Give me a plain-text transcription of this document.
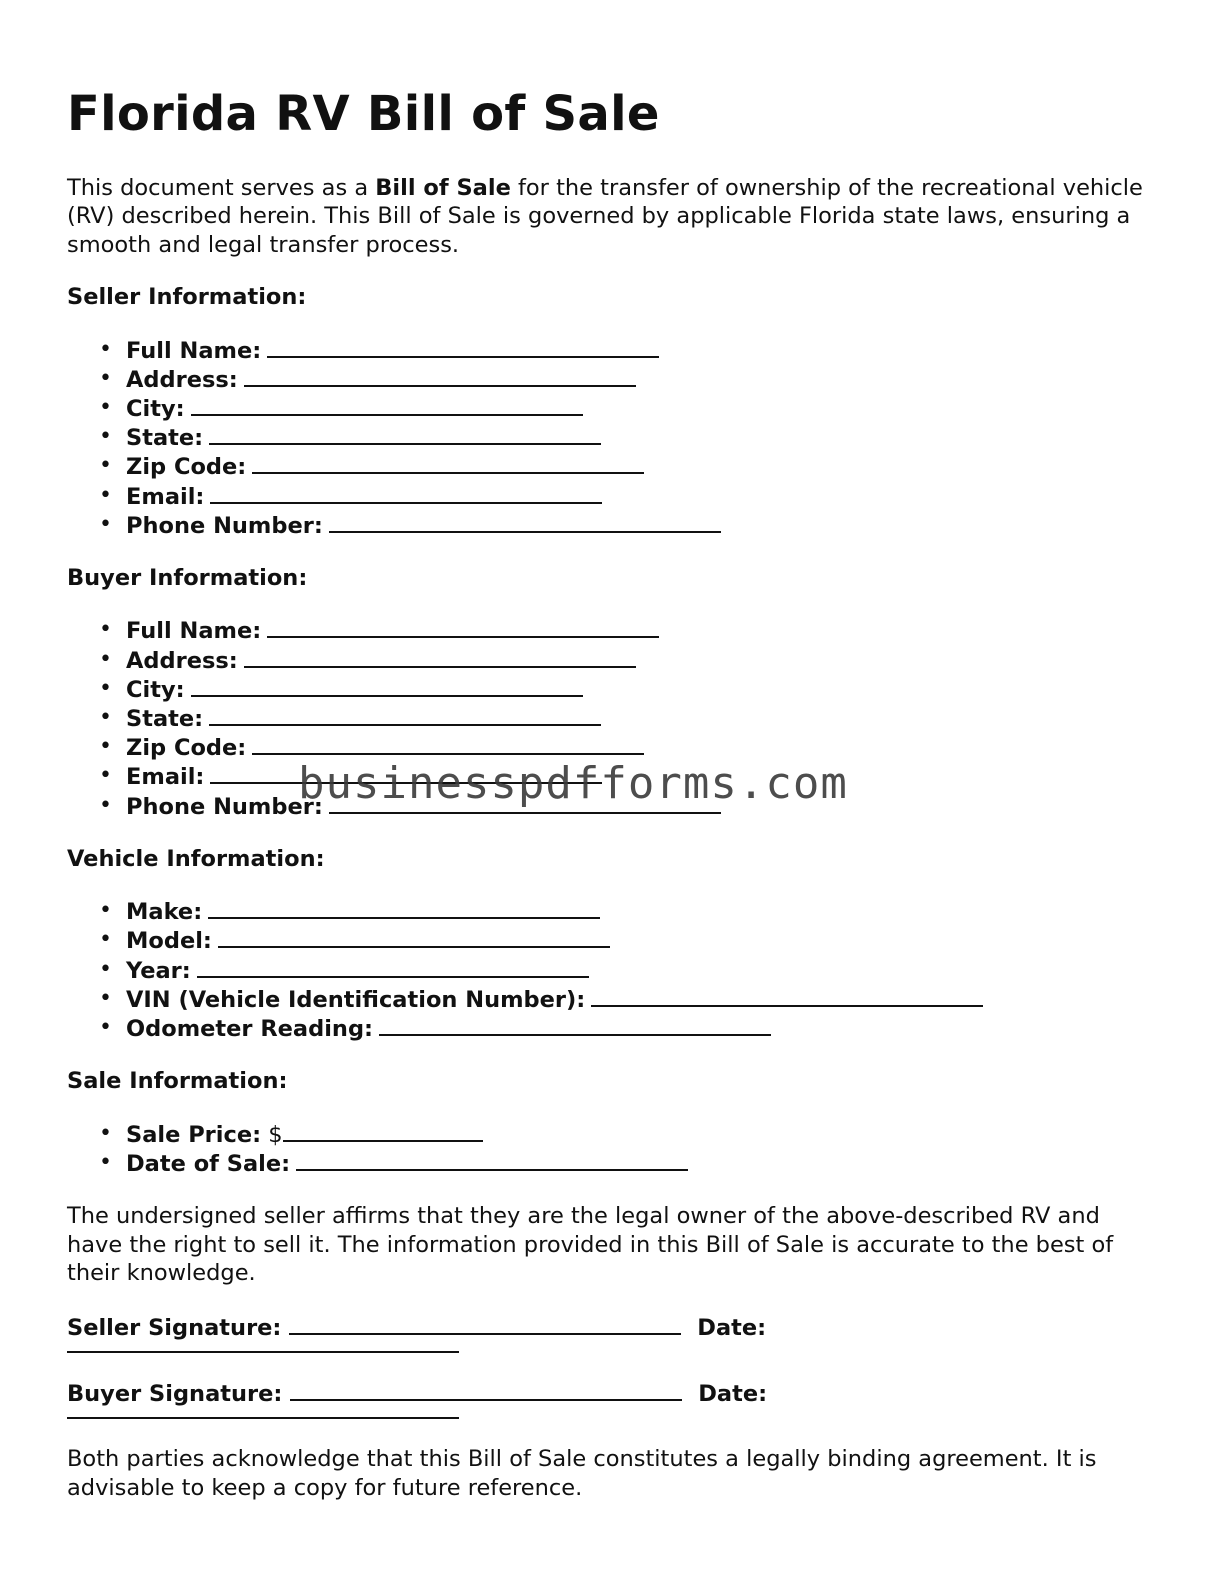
Florida RV Bill of Sale

This document serves as a Bill of Sale for the transfer of ownership of the recreational vehicle (RV) described herein. This Bill of Sale is governed by applicable Florida state laws, ensuring a smooth and legal transfer process.

Seller Information:
• Full Name:
• Address:
• City:
• State:
• Zip Code:
• Email:
• Phone Number:
Buyer Information:
• Full Name:
• Address:
• City:
• State:
• Zip Code:
• Email:
• Phone Number:
Vehicle Information:
• Make:
• Model:
• Year:
• VIN (Vehicle Identification Number):
• Odometer Reading:
Sale Information:
• Sale Price: $
• Date of Sale:

The undersigned seller affirms that they are the legal owner of the above-described RV and have the right to sell it. The information provided in this Bill of Sale is accurate to the best of their knowledge.

Seller Signature:	Date:
Buyer Signature:	Date:

Both parties acknowledge that this Bill of Sale constitutes a legally binding agreement. It is advisable to keep a copy for future reference.

businesspdfforms.com
